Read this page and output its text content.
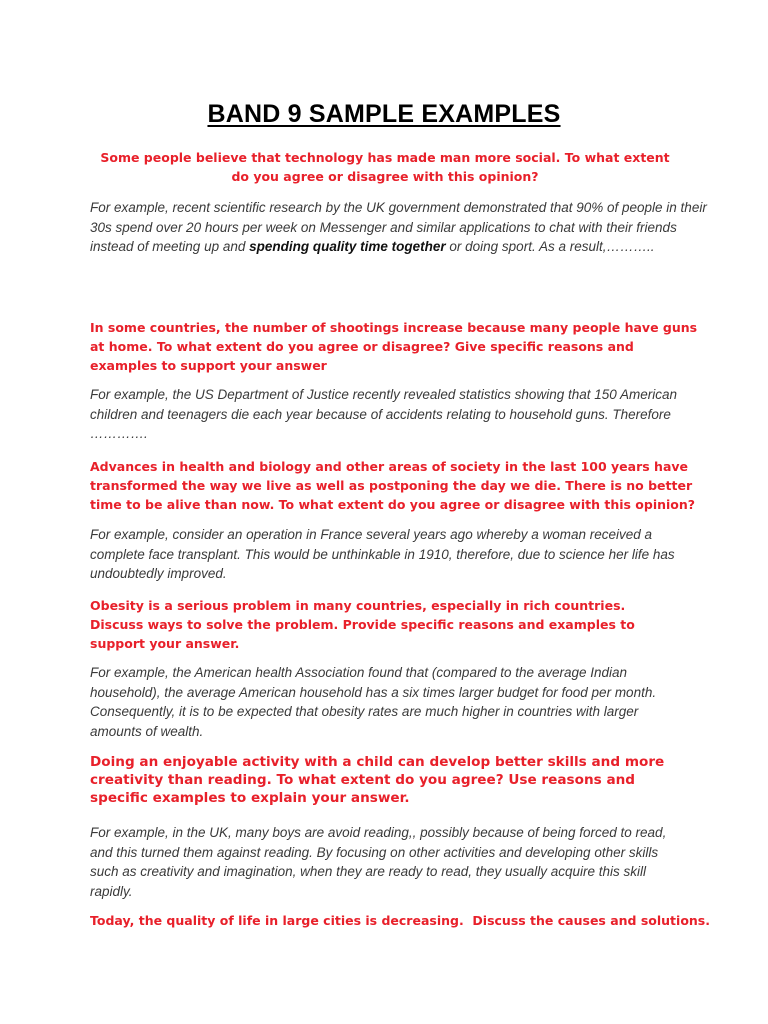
BAND 9 SAMPLE EXAMPLES
Some people believe that technology has made man more social. To what extent do you agree or disagree with this opinion?
For example, recent scientific research by the UK government demonstrated that 90% of people in their 30s spend over 20 hours per week on Messenger and similar applications to chat with their friends instead of meeting up and spending quality time together or doing sport. As a result,………..
In some countries, the number of shootings increase because many people have guns at home. To what extent do you agree or disagree? Give specific reasons and examples to support your answer
For example, the US Department of Justice recently revealed statistics showing that 150 American children and teenagers die each year because of accidents relating to household guns. Therefore ………….
Advances in health and biology and other areas of society in the last 100 years have transformed the way we live as well as postponing the day we die. There is no better time to be alive than now. To what extent do you agree or disagree with this opinion?
For example, consider an operation in France several years ago whereby a woman received a complete face transplant. This would be unthinkable in 1910, therefore, due to science her life has undoubtedly improved.
Obesity is a serious problem in many countries, especially in rich countries. Discuss ways to solve the problem. Provide specific reasons and examples to support your answer.
For example, the American health Association found that (compared to the average Indian household), the average American household has a six times larger budget for food per month. Consequently, it is to be expected that obesity rates are much higher in countries with larger amounts of wealth.
Doing an enjoyable activity with a child can develop better skills and more creativity than reading. To what extent do you agree? Use reasons and specific examples to explain your answer.
For example, in the UK, many boys are avoid reading,, possibly because of being forced to read, and this turned them against reading. By focusing on other activities and developing other skills such as creativity and imagination, when they are ready to read, they usually acquire this skill rapidly.
Today, the quality of life in large cities is decreasing.  Discuss the causes and solutions.
